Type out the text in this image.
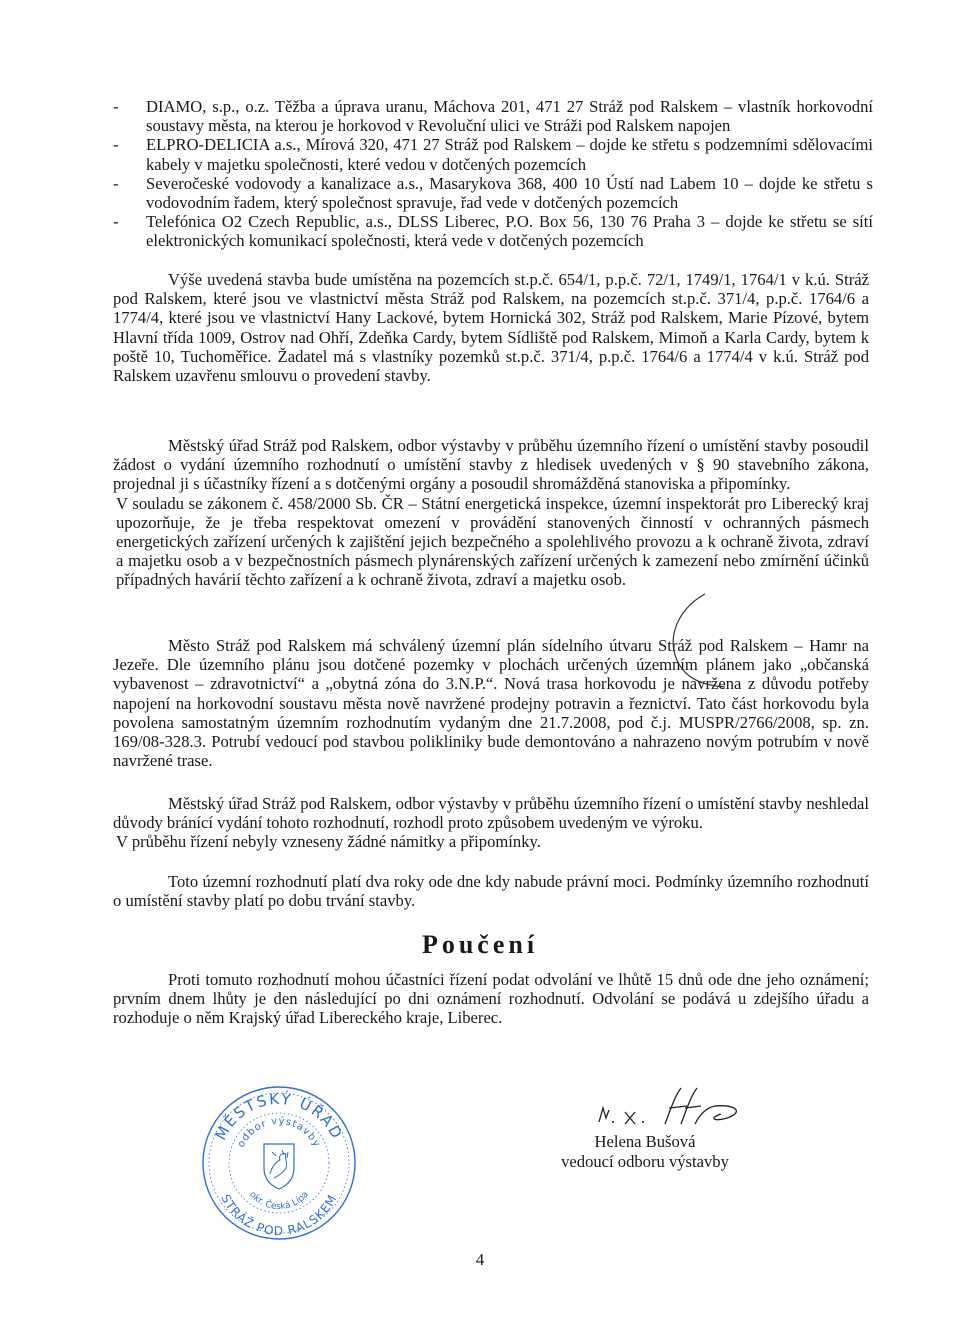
- DIAMO, s.p., o.z. Těžba a úprava uranu, Máchova 201, 471 27 Stráž pod Ralskem – vlastník horkovodní soustavy města, na kterou je horkovod v Revoluční ulici ve Stráži pod Ralskem napojen
- ELPRO-DELICIA a.s., Mírová 320, 471 27 Stráž pod Ralskem – dojde ke střetu s podzemními sdělovacími kabely v majetku společnosti, které vedou v dotčených pozemcích
- Severočeské vodovody a kanalizace a.s., Masarykova 368, 400 10 Ústí nad Labem 10 – dojde ke střetu s vodovodním řadem, který společnost spravuje, řad vede v dotčených pozemcích
- Telefónica O2 Czech Republic, a.s., DLSS Liberec, P.O. Box 56, 130 76 Praha 3 – dojde ke střetu se sítí elektronických komunikací společnosti, která vede v dotčených pozemcích

Výše uvedená stavba bude umístěna na pozemcích st.p.č. 654/1, p.p.č. 72/1, 1749/1, 1764/1 v k.ú. Stráž pod Ralskem, které jsou ve vlastnictví města Stráž pod Ralskem, na pozemcích st.p.č. 371/4, p.p.č. 1764/6 a 1774/4, které jsou ve vlastnictví Hany Lackové, bytem Hornická 302, Stráž pod Ralskem, Marie Pízové, bytem Hlavní třída 1009, Ostrov nad Ohří, Zdeňka Cardy, bytem Sídliště pod Ralskem, Mimoň a Karla Cardy, bytem k poště 10, Tuchoměřice. Žadatel má s vlastníky pozemků st.p.č. 371/4, p.p.č. 1764/6 a 1774/4 v k.ú. Stráž pod Ralskem uzavřenu smlouvu o provedení stavby.

Městský úřad Stráž pod Ralskem, odbor výstavby v průběhu územního řízení o umístění stavby posoudil žádost o vydání územního rozhodnutí o umístění stavby z hledisek uvedených v § 90 stavebního zákona, projednal ji s účastníky řízení a s dotčenými orgány a posoudil shromážděná stanoviska a připomínky.

V souladu se zákonem č. 458/2000 Sb. ČR – Státní energetická inspekce, územní inspektorát pro Liberecký kraj upozorňuje, že je třeba respektovat omezení v provádění stanovených činností v ochranných pásmech energetických zařízení určených k zajištění jejich bezpečného a spolehlivého provozu a k ochraně života, zdraví a majetku osob a v bezpečnostních pásmech plynárenských zařízení určených k zamezení nebo zmírnění účinků případných havárií těchto zařízení a k ochraně života, zdraví a majetku osob.

Město Stráž pod Ralskem má schválený územní plán sídelního útvaru Stráž pod Ralskem – Hamr na Jezeře. Dle územního plánu jsou dotčené pozemky v plochách určených územním plánem jako „občanská vybavenost – zdravotnictví“ a „obytná zóna do 3.N.P.“. Nová trasa horkovodu je navržena z důvodu potřeby napojení na horkovodní soustavu města nově navržené prodejny potravin a řeznictví. Tato část horkovodu byla povolena samostatným územním rozhodnutím vydaným dne 21.7.2008, pod č.j. MUSPR/2766/2008, sp. zn. 169/08-328.3. Potrubí vedoucí pod stavbou polikliniky bude demontováno a nahrazeno novým potrubím v nově navržené trase.

Městský úřad Stráž pod Ralskem, odbor výstavby v průběhu územního řízení o umístění stavby neshledal důvody bránící vydání tohoto rozhodnutí, rozhodl proto způsobem uvedeným ve výroku.

V průběhu řízení nebyly vzneseny žádné námitky a připomínky.

Toto územní rozhodnutí platí dva roky ode dne kdy nabude právní moci. Podmínky územního rozhodnutí o umístění stavby platí po dobu trvání stavby.

Poučení

Proti tomuto rozhodnutí mohou účastníci řízení podat odvolání ve lhůtě 15 dnů ode dne jeho oznámení; prvním dnem lhůty je den následující po dni oznámení rozhodnutí. Odvolání se podává u zdejšího úřadu a rozhoduje o něm Krajský úřad Libereckého kraje, Liberec.

MĚSTSKÝ ÚŘAD
odbor výstavby
okr. Česká Lípa
STRÁŽ POD RALSKEM
Helena Bušová
vedoucí odboru výstavby
4
